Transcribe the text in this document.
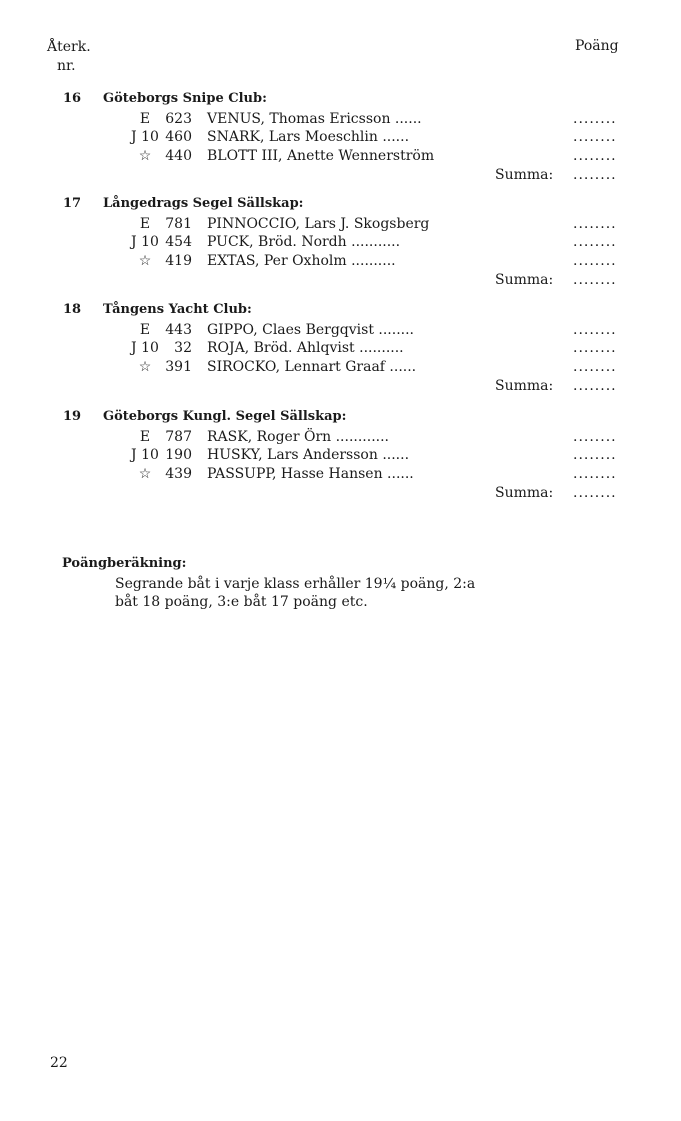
Återk.
nr.
Poäng
16 Göteborgs Snipe Club:
E	623 VENUS, Thomas Ericsson ......	........
J 10 460 SNARK, Lars Moeschlin ......	........
☆ 440 BLOTT III, Anette Wennerström	........
Summa: ........
17 Långedrags Segel Sällskap:
E	781 PINNOCCIO, Lars J. Skogsberg	........
J 10 454 PUCK, Bröd. Nordh ...........	........
☆ 419 EXTAS, Per Oxholm ..........	........
Summa: ........
18 Tångens Yacht Club:
E	443 GIPPO, Claes Bergqvist ........	........
J 10	32 ROJA, Bröd. Ahlqvist ..........	........
☆ 391 SIROCKO, Lennart Graaf ......	........
Summa: ........
19 Göteborgs Kungl. Segel Sällskap:
E	787 RASK, Roger Örn ............	........
J 10 190 HUSKY, Lars Andersson ......	........
☆ 439 PASSUPP, Hasse Hansen ......	........
Summa: ........
Poängberäkning:
Segrande båt i varje klass erhåller 19¼ poäng, 2:a båt 18 poäng, 3:e båt 17 poäng etc.
22
